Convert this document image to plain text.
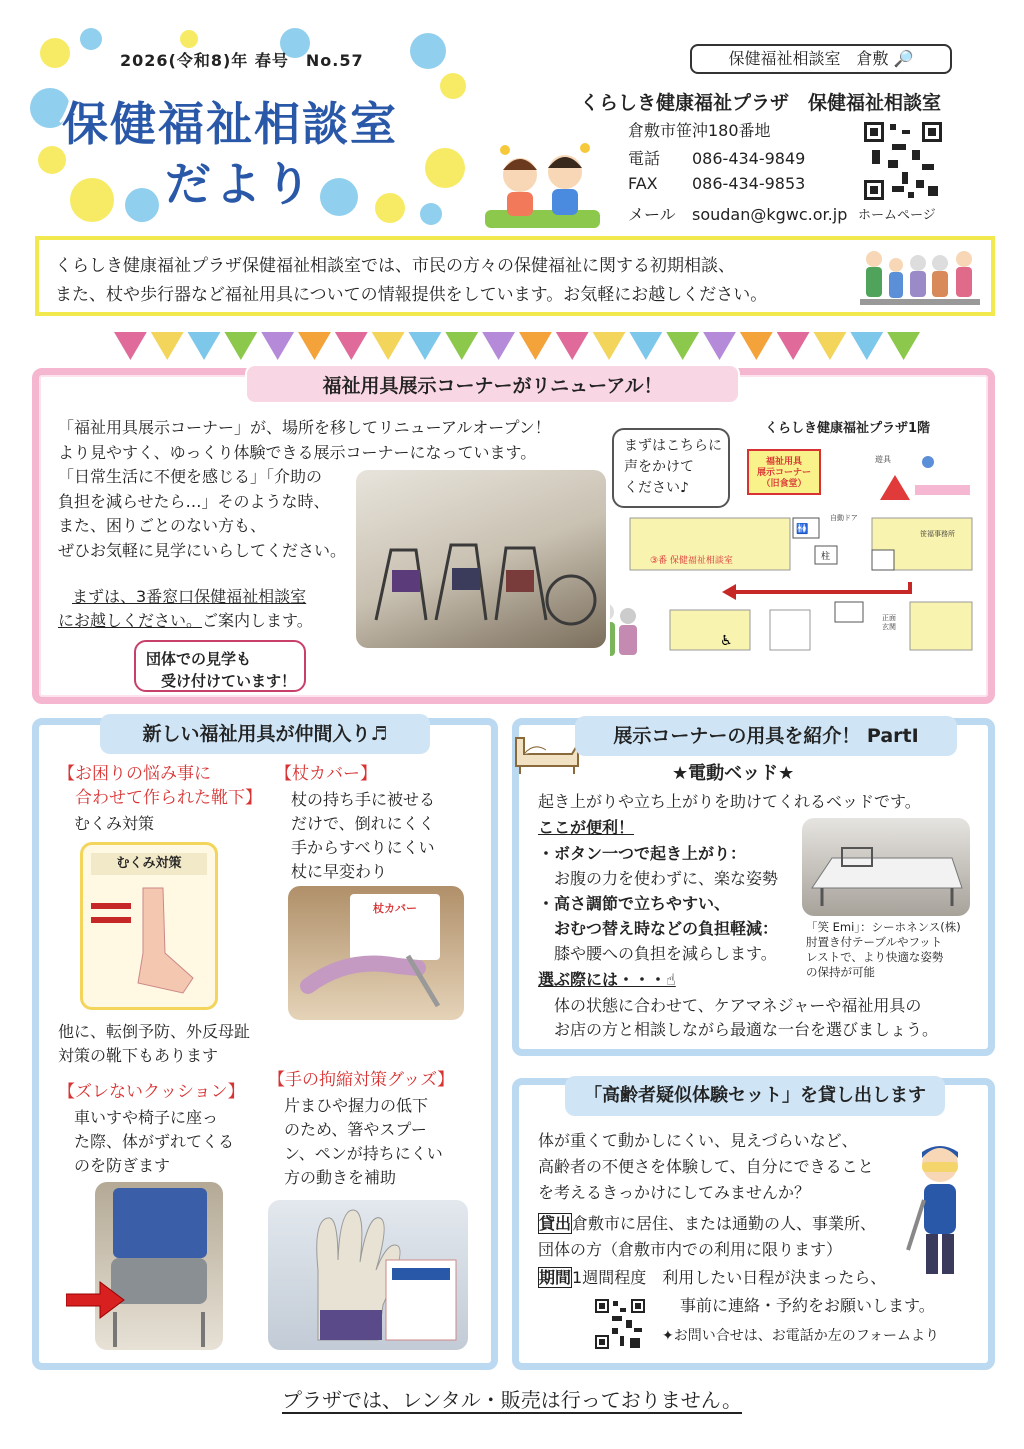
2026(令和8)年 春号　No.57
保健福祉相談室
だより
保健福祉相談室　倉敷 🔎
くらしき健康福祉プラザ　保健福祉相談室
倉敷市笹沖180番地
電話 086-434-9849
FAX 086-434-9853
メール soudan@kgwc.or.jp ホームページ
くらしき健康福祉プラザ保健福祉相談室では、市民の方々の保健福祉に関する初期相談、
また、杖や歩行器など福祉用具についての情報提供をしています。お気軽にお越しください。
福祉用具展示コーナーがリニューアル！
「福祉用具展示コーナー」が、場所を移してリニューアルオープン！
より見やすく、ゆっくり体験できる展示コーナーになっています。
「日常生活に不便を感じる」「介助の
負担を減らせたら…」そのような時、
また、困りごとのない方も、
ぜひお気軽に見学にいらしてください。
まずは、3番窓口保健福祉相談室
にお越しください。ご案内します。
団体での見学も
　受け付けています！
まずはこちらに
声をかけて
ください♪
くらしき健康福祉プラザ1階
福祉用具展示コーナー（旧食堂）
遊具
③番 保健福祉相談室
🚻
自動ドア
柱
笹福事務所
♿
正面玄関
新しい福祉用具が仲間入り♬
【お困りの悩み事に
　合わせて作られた靴下】
　むくみ対策
むくみ対策
他に、転倒予防、外反母趾
対策の靴下もあります
【杖カバー】
　杖の持ち手に被せる
　だけで、倒れにくく
　手からすべりにくい
　杖に早変わり
杖カバー
【ズレないクッション】
　車いすや椅子に座っ
　た際、体がずれてくる
　のを防ぎます
【手の拘縮対策グッズ】
　片まひや握力の低下
　のため、箸やスプー
　ン、ペンが持ちにくい
　方の動きを補助
展示コーナーの用具を紹介！ PartⅠ
★電動ベッド★
起き上がりや立ち上がりを助けてくれるベッドです。
ここが便利！
・ボタン一つで起き上がり：
　お腹の力を使わずに、楽な姿勢
・高さ調節で立ちやすい、
　おむつ替え時などの負担軽減：
　膝や腰への負担を減らします。
選ぶ際には・・・☝
　体の状態に合わせて、ケアマネジャーや福祉用具の
　お店の方と相談しながら最適な一台を選びましょう。
「笑 Emi」：シーホネンス(株)
肘置き付テーブルやフット
レストで、より快適な姿勢
の保持が可能
「高齢者疑似体験セット」を貸し出します
体が重くて動かしにくい、見えづらいなど、
高齢者の不便さを体験して、自分にできること
を考えるきっかけにしてみませんか？
貸出倉敷市に居住、または通勤の人、事業所、
団体の方（倉敷市内での利用に限ります）
期間1週間程度　利用したい日程が決まったら、
事前に連絡・予約をお願いします。
✦お問い合せは、お電話か左のフォームより
プラザでは、レンタル・販売は行っておりません。
